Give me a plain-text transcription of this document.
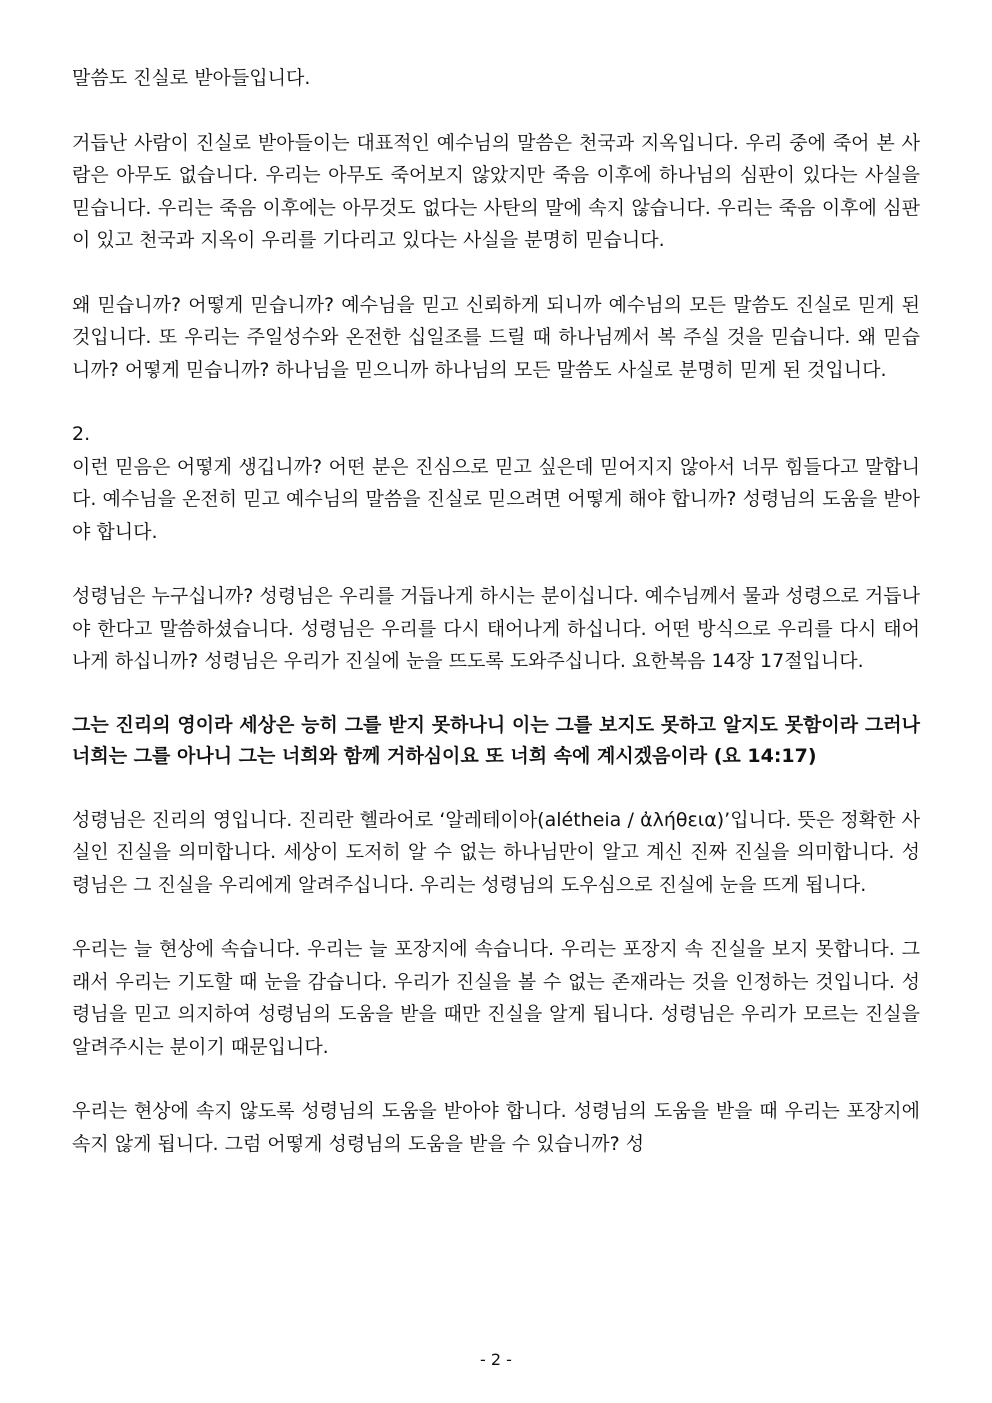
말씀도 진실로 받아들입니다.

거듭난 사람이 진실로 받아들이는 대표적인 예수님의 말씀은 천국과 지옥입니다. 우리 중에 죽어 본 사람은 아무도 없습니다. 우리는 아무도 죽어보지 않았지만 죽음 이후에 하나님의 심판이 있다는 사실을 믿습니다. 우리는 죽음 이후에는 아무것도 없다는 사탄의 말에 속지 않습니다. 우리는 죽음 이후에 심판이 있고 천국과 지옥이 우리를 기다리고 있다는 사실을 분명히 믿습니다.

왜 믿습니까? 어떻게 믿습니까? 예수님을 믿고 신뢰하게 되니까 예수님의 모든 말씀도 진실로 믿게 된 것입니다. 또 우리는 주일성수와 온전한 십일조를 드릴 때 하나님께서 복 주실 것을 믿습니다. 왜 믿습니까? 어떻게 믿습니까? 하나님을 믿으니까 하나님의 모든 말씀도 사실로 분명히 믿게 된 것입니다.

2.

이런 믿음은 어떻게 생깁니까? 어떤 분은 진심으로 믿고 싶은데 믿어지지 않아서 너무 힘들다고 말합니다. 예수님을 온전히 믿고 예수님의 말씀을 진실로 믿으려면 어떻게 해야 합니까? 성령님의 도움을 받아야 합니다.

성령님은 누구십니까? 성령님은 우리를 거듭나게 하시는 분이십니다. 예수님께서 물과 성령으로 거듭나야 한다고 말씀하셨습니다. 성령님은 우리를 다시 태어나게 하십니다. 어떤 방식으로 우리를 다시 태어나게 하십니까? 성령님은 우리가 진실에 눈을 뜨도록 도와주십니다. 요한복음 14장 17절입니다.

그는 진리의 영이라 세상은 능히 그를 받지 못하나니 이는 그를 보지도 못하고 알지도 못함이라 그러나 너희는 그를 아나니 그는 너희와 함께 거하심이요 또 너희 속에 계시겠음이라 (요 14:17)

성령님은 진리의 영입니다. 진리란 헬라어로 ‘알레테이아(alétheia / ἀλήθεια)’입니다. 뜻은 정확한 사실인 진실을 의미합니다. 세상이 도저히 알 수 없는 하나님만이 알고 계신 진짜 진실을 의미합니다. 성령님은 그 진실을 우리에게 알려주십니다. 우리는 성령님의 도우심으로 진실에 눈을 뜨게 됩니다.

우리는 늘 현상에 속습니다. 우리는 늘 포장지에 속습니다. 우리는 포장지 속 진실을 보지 못합니다. 그래서 우리는 기도할 때 눈을 감습니다. 우리가 진실을 볼 수 없는 존재라는 것을 인정하는 것입니다. 성령님을 믿고 의지하여 성령님의 도움을 받을 때만 진실을 알게 됩니다. 성령님은 우리가 모르는 진실을 알려주시는 분이기 때문입니다.

우리는 현상에 속지 않도록 성령님의 도움을 받아야 합니다. 성령님의 도움을 받을 때 우리는 포장지에 속지 않게 됩니다. 그럼 어떻게 성령님의 도움을 받을 수 있습니까? 성

- 2 -
